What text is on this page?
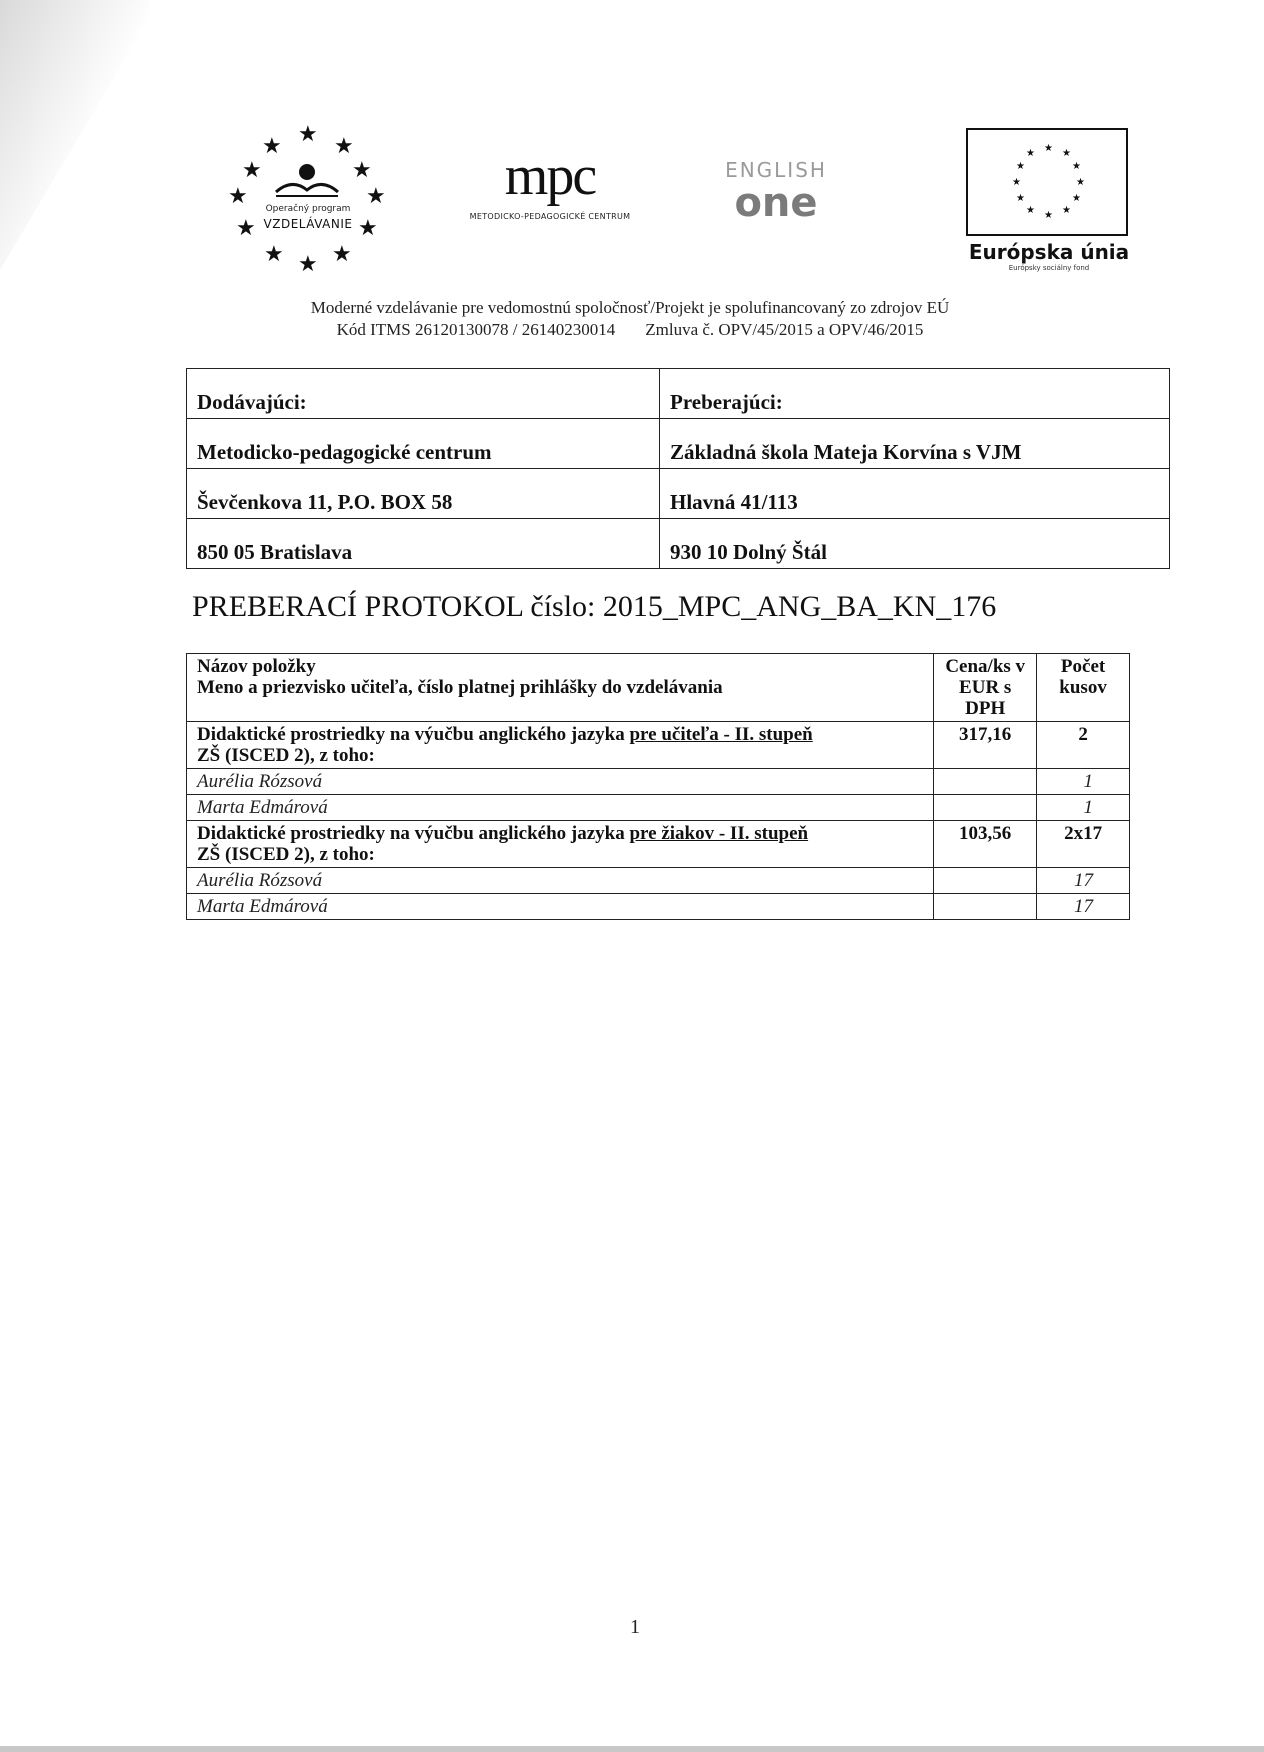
★ ★ ★
★	★
★	★
★	★
★ ★ ★
Operačný program
VZDELÁVANIE
mpc
METODICKO-PEDAGOGICKÉ CENTRUM
ENGLISH
one
★ ★
★
★
★
★
★
★
★
★
★
★
Európska únia
Európsky sociálny fond
Moderné vzdelávanie pre vedomostnú spoločnosť/Projekt je spolufinancovaný zo zdrojov EÚ
Kód ITMS 26120130078 / 26140230014 Zmluva č. OPV/45/2015 a OPV/46/2015
Dodávajúci:	Preberajúci:
Metodicko-pedagogické centrum	Základná škola Mateja Korvína s VJM
Ševčenkova 11, P.O. BOX 58	Hlavná 41/113
850 05 Bratislava	930 10 Dolný Štál
PREBERACÍ PROTOKOL číslo: 2015_MPC_ANG_BA_KN_176
Názov položky
Meno a priezvisko učiteľa, číslo platnej prihlášky do vzdelávania	Cena/ks v EUR s DPH	Počet kusov
Didaktické prostriedky na výučbu anglického jazyka pre učiteľa - II. stupeň
ZŠ (ISCED 2), z toho:	317,16	2
Aurélia Rózsová		1
Marta Edmárová		1
Didaktické prostriedky na výučbu anglického jazyka pre žiakov - II. stupeň
ZŠ (ISCED 2), z toho:	103,56	2x17
Aurélia Rózsová		17
Marta Edmárová		17
1
